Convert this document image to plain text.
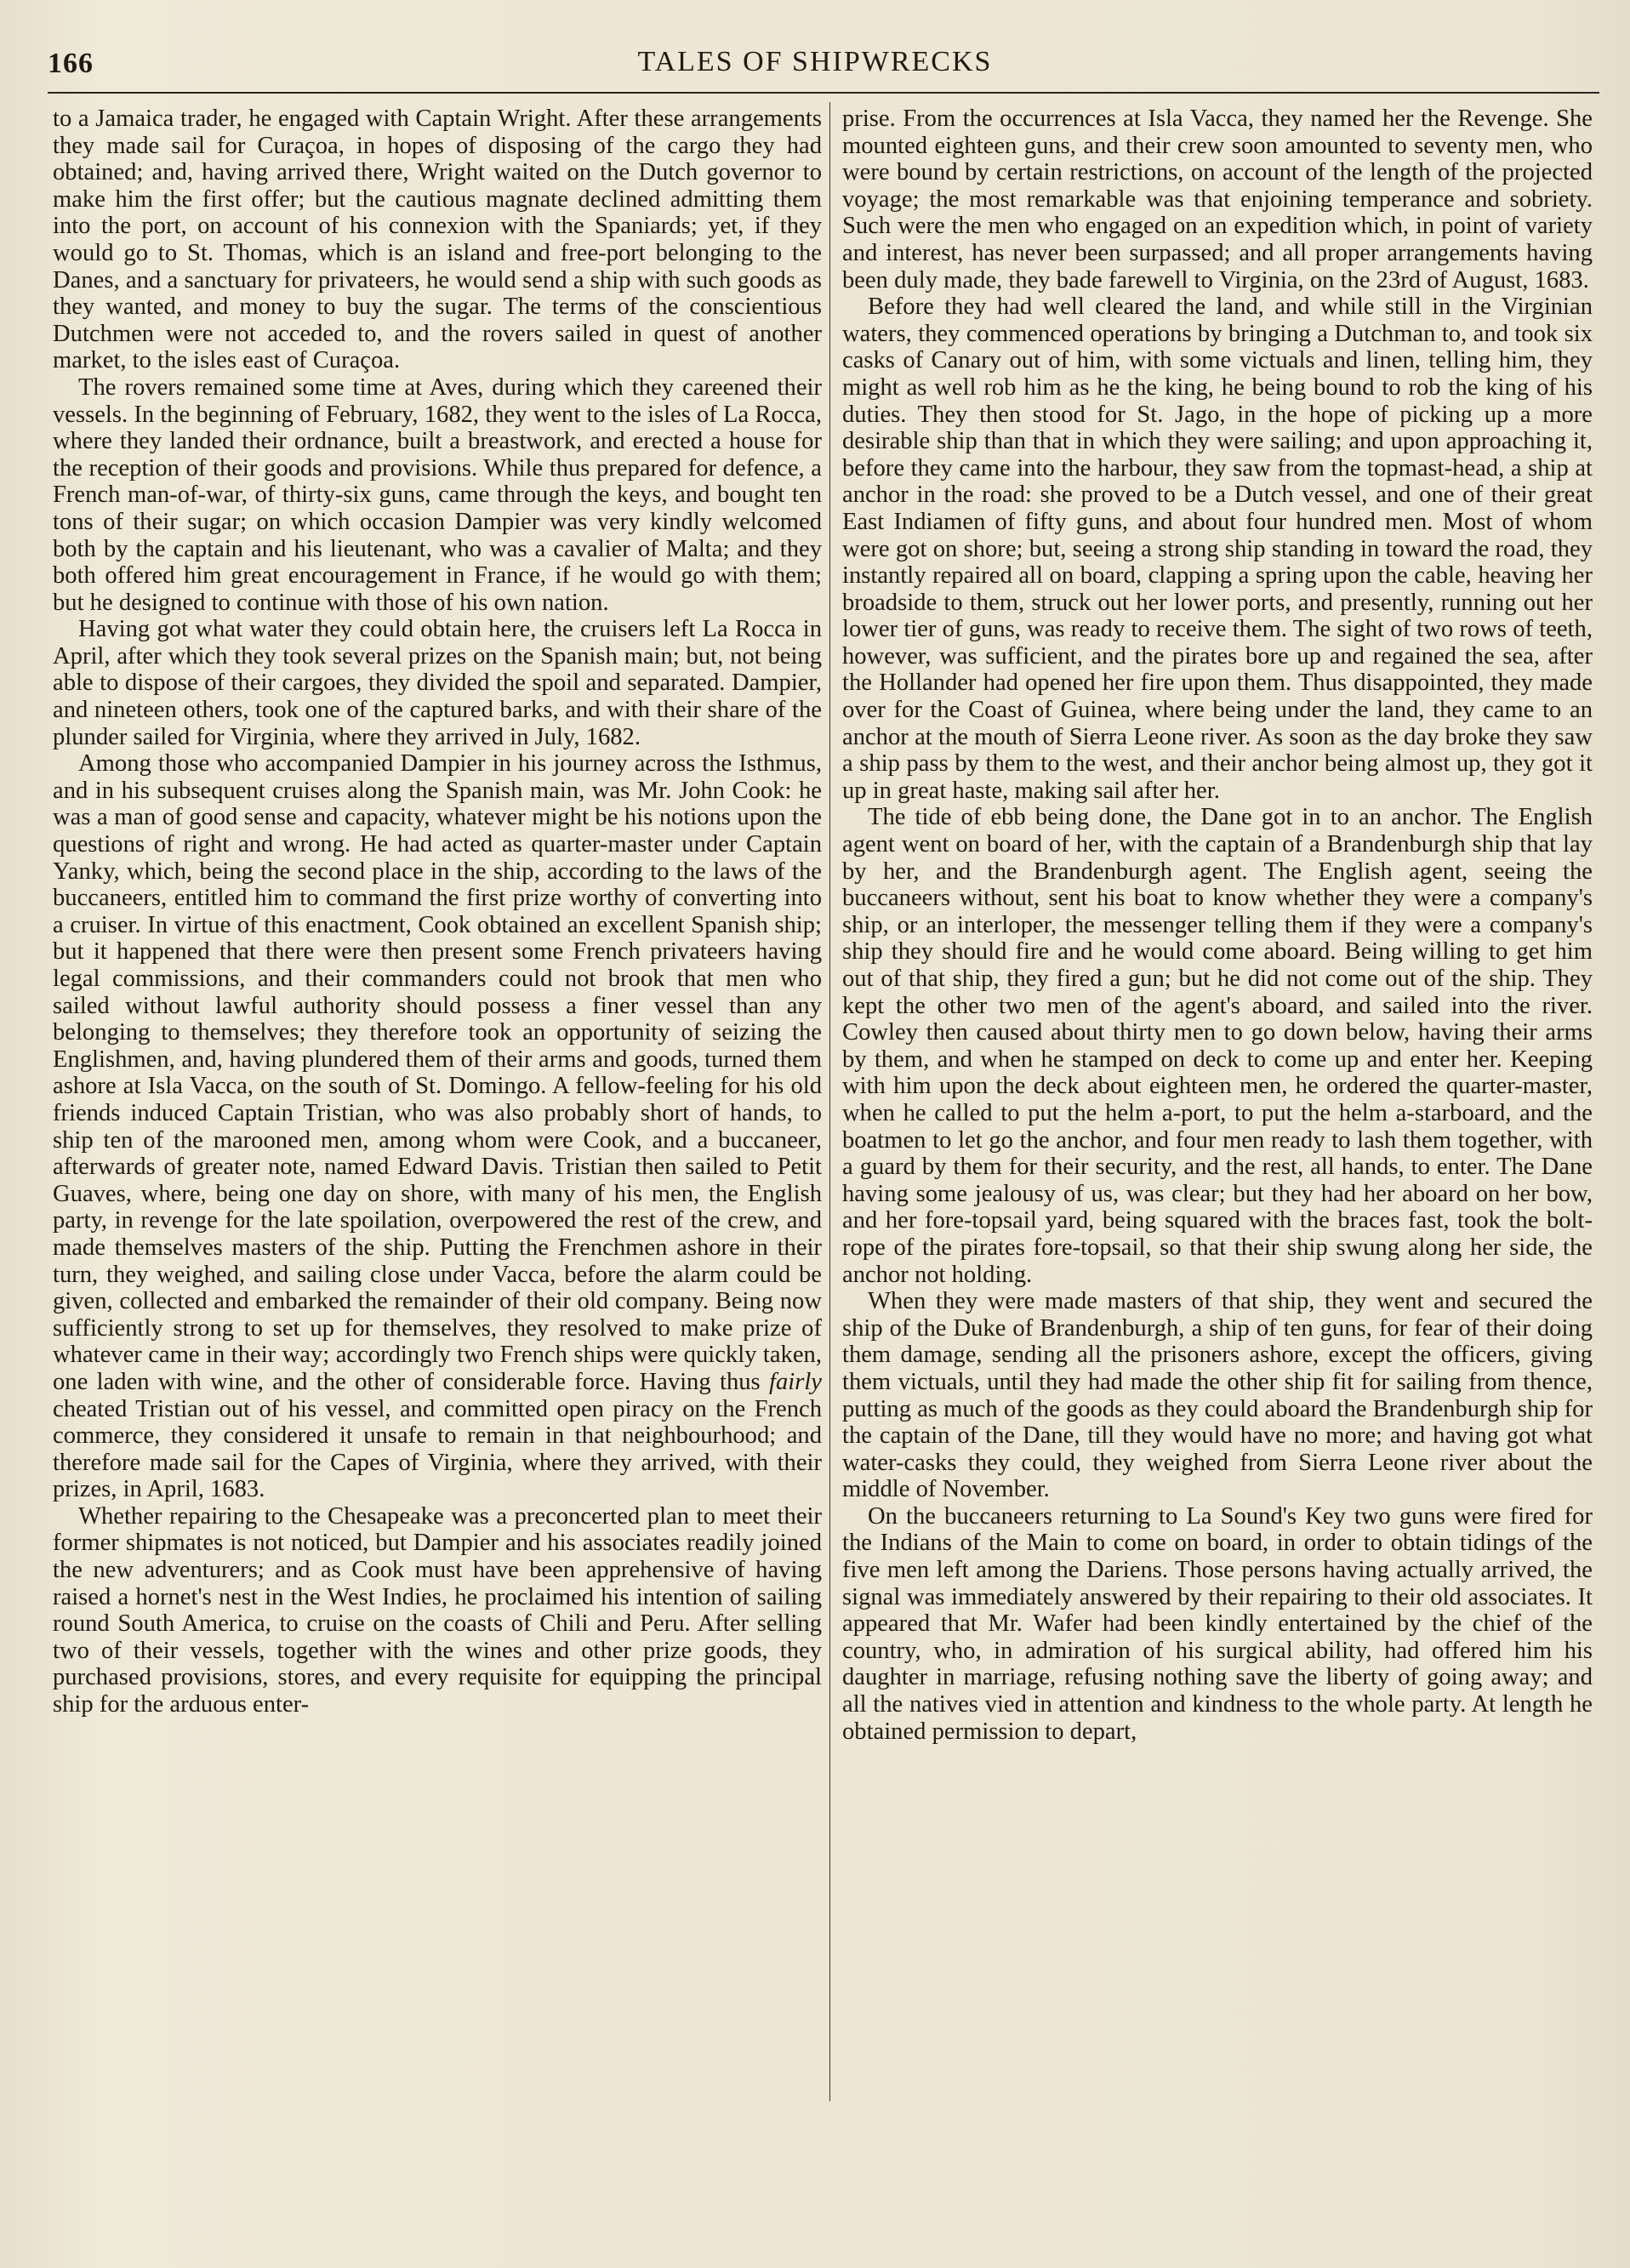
166	TALES OF SHIPWRECKS

to a Jamaica trader, he engaged with Captain Wright. After these arrangements they made sail for Curaçoa, in hopes of disposing of the cargo they had obtained; and, having arrived there, Wright waited on the Dutch governor to make him the first offer; but the cautious magnate declined admitting them into the port, on account of his connexion with the Spaniards; yet, if they would go to St. Thomas, which is an island and free-port belonging to the Danes, and a sanctuary for privateers, he would send a ship with such goods as they wanted, and money to buy the sugar. The terms of the conscientious Dutchmen were not acceded to, and the rovers sailed in quest of another market, to the isles east of Curaçoa.

The rovers remained some time at Aves, during which they careened their vessels. In the beginning of February, 1682, they went to the isles of La Rocca, where they landed their ordnance, built a breastwork, and erected a house for the reception of their goods and provisions. While thus prepared for defence, a French man-of-war, of thirty-six guns, came through the keys, and bought ten tons of their sugar; on which occasion Dampier was very kindly welcomed both by the captain and his lieutenant, who was a cavalier of Malta; and they both offered him great encouragement in France, if he would go with them; but he designed to continue with those of his own nation.

Having got what water they could obtain here, the cruisers left La Rocca in April, after which they took several prizes on the Spanish main; but, not being able to dispose of their cargoes, they divided the spoil and separated. Dampier, and nineteen others, took one of the captured barks, and with their share of the plunder sailed for Virginia, where they arrived in July, 1682.

Among those who accompanied Dampier in his journey across the Isthmus, and in his subsequent cruises along the Spanish main, was Mr. John Cook: he was a man of good sense and capacity, whatever might be his notions upon the questions of right and wrong. He had acted as quarter-master under Captain Yanky, which, being the second place in the ship, according to the laws of the buccaneers, entitled him to command the first prize worthy of converting into a cruiser. In virtue of this enactment, Cook obtained an excellent Spanish ship; but it happened that there were then present some French privateers having legal commissions, and their commanders could not brook that men who sailed without lawful authority should possess a finer vessel than any belonging to themselves; they therefore took an opportunity of seizing the Englishmen, and, having plundered them of their arms and goods, turned them ashore at Isla Vacca, on the south of St. Domingo. A fellow-feeling for his old friends induced Captain Tristian, who was also probably short of hands, to ship ten of the marooned men, among whom were Cook, and a buccaneer, afterwards of greater note, named Edward Davis. Tristian then sailed to Petit Guaves, where, being one day on shore, with many of his men, the English party, in revenge for the late spoilation, overpowered the rest of the crew, and made themselves masters of the ship. Putting the Frenchmen ashore in their turn, they weighed, and sailing close under Vacca, before the alarm could be given, collected and embarked the remainder of their old company. Being now sufficiently strong to set up for themselves, they resolved to make prize of whatever came in their way; accordingly two French ships were quickly taken, one laden with wine, and the other of considerable force. Having thus fairly cheated Tristian out of his vessel, and committed open piracy on the French commerce, they considered it unsafe to remain in that neighbourhood; and therefore made sail for the Capes of Virginia, where they arrived, with their prizes, in April, 1683.

Whether repairing to the Chesapeake was a preconcerted plan to meet their former shipmates is not noticed, but Dampier and his associates readily joined the new adventurers; and as Cook must have been apprehensive of having raised a hornet's nest in the West Indies, he proclaimed his intention of sailing round South America, to cruise on the coasts of Chili and Peru. After selling two of their vessels, together with the wines and other prize goods, they purchased provisions, stores, and every requisite for equipping the principal ship for the arduous enter-

prise. From the occurrences at Isla Vacca, they named her the Revenge. She mounted eighteen guns, and their crew soon amounted to seventy men, who were bound by certain restrictions, on account of the length of the projected voyage; the most remarkable was that enjoining temperance and sobriety. Such were the men who engaged on an expedition which, in point of variety and interest, has never been surpassed; and all proper arrangements having been duly made, they bade farewell to Virginia, on the 23rd of August, 1683.

Before they had well cleared the land, and while still in the Virginian waters, they commenced operations by bringing a Dutchman to, and took six casks of Canary out of him, with some victuals and linen, telling him, they might as well rob him as he the king, he being bound to rob the king of his duties. They then stood for St. Jago, in the hope of picking up a more desirable ship than that in which they were sailing; and upon approaching it, before they came into the harbour, they saw from the topmast-head, a ship at anchor in the road: she proved to be a Dutch vessel, and one of their great East Indiamen of fifty guns, and about four hundred men. Most of whom were got on shore; but, seeing a strong ship standing in toward the road, they instantly repaired all on board, clapping a spring upon the cable, heaving her broadside to them, struck out her lower ports, and presently, running out her lower tier of guns, was ready to receive them. The sight of two rows of teeth, however, was sufficient, and the pirates bore up and regained the sea, after the Hollander had opened her fire upon them. Thus disappointed, they made over for the Coast of Guinea, where being under the land, they came to an anchor at the mouth of Sierra Leone river. As soon as the day broke they saw a ship pass by them to the west, and their anchor being almost up, they got it up in great haste, making sail after her.

The tide of ebb being done, the Dane got in to an anchor. The English agent went on board of her, with the captain of a Brandenburgh ship that lay by her, and the Brandenburgh agent. The English agent, seeing the buccaneers without, sent his boat to know whether they were a company's ship, or an interloper, the messenger telling them if they were a company's ship they should fire and he would come aboard. Being willing to get him out of that ship, they fired a gun; but he did not come out of the ship. They kept the other two men of the agent's aboard, and sailed into the river. Cowley then caused about thirty men to go down below, having their arms by them, and when he stamped on deck to come up and enter her. Keeping with him upon the deck about eighteen men, he ordered the quarter-master, when he called to put the helm a-port, to put the helm a-starboard, and the boatmen to let go the anchor, and four men ready to lash them together, with a guard by them for their security, and the rest, all hands, to enter. The Dane having some jealousy of us, was clear; but they had her aboard on her bow, and her fore-topsail yard, being squared with the braces fast, took the bolt-rope of the pirates fore-topsail, so that their ship swung along her side, the anchor not holding.

When they were made masters of that ship, they went and secured the ship of the Duke of Brandenburgh, a ship of ten guns, for fear of their doing them damage, sending all the prisoners ashore, except the officers, giving them victuals, until they had made the other ship fit for sailing from thence, putting as much of the goods as they could aboard the Brandenburgh ship for the captain of the Dane, till they would have no more; and having got what water-casks they could, they weighed from Sierra Leone river about the middle of November.

On the buccaneers returning to La Sound's Key two guns were fired for the Indians of the Main to come on board, in order to obtain tidings of the five men left among the Dariens. Those persons having actually arrived, the signal was immediately answered by their repairing to their old associates. It appeared that Mr. Wafer had been kindly entertained by the chief of the country, who, in admiration of his surgical ability, had offered him his daughter in marriage, refusing nothing save the liberty of going away; and all the natives vied in attention and kindness to the whole party. At length he obtained permission to depart,
